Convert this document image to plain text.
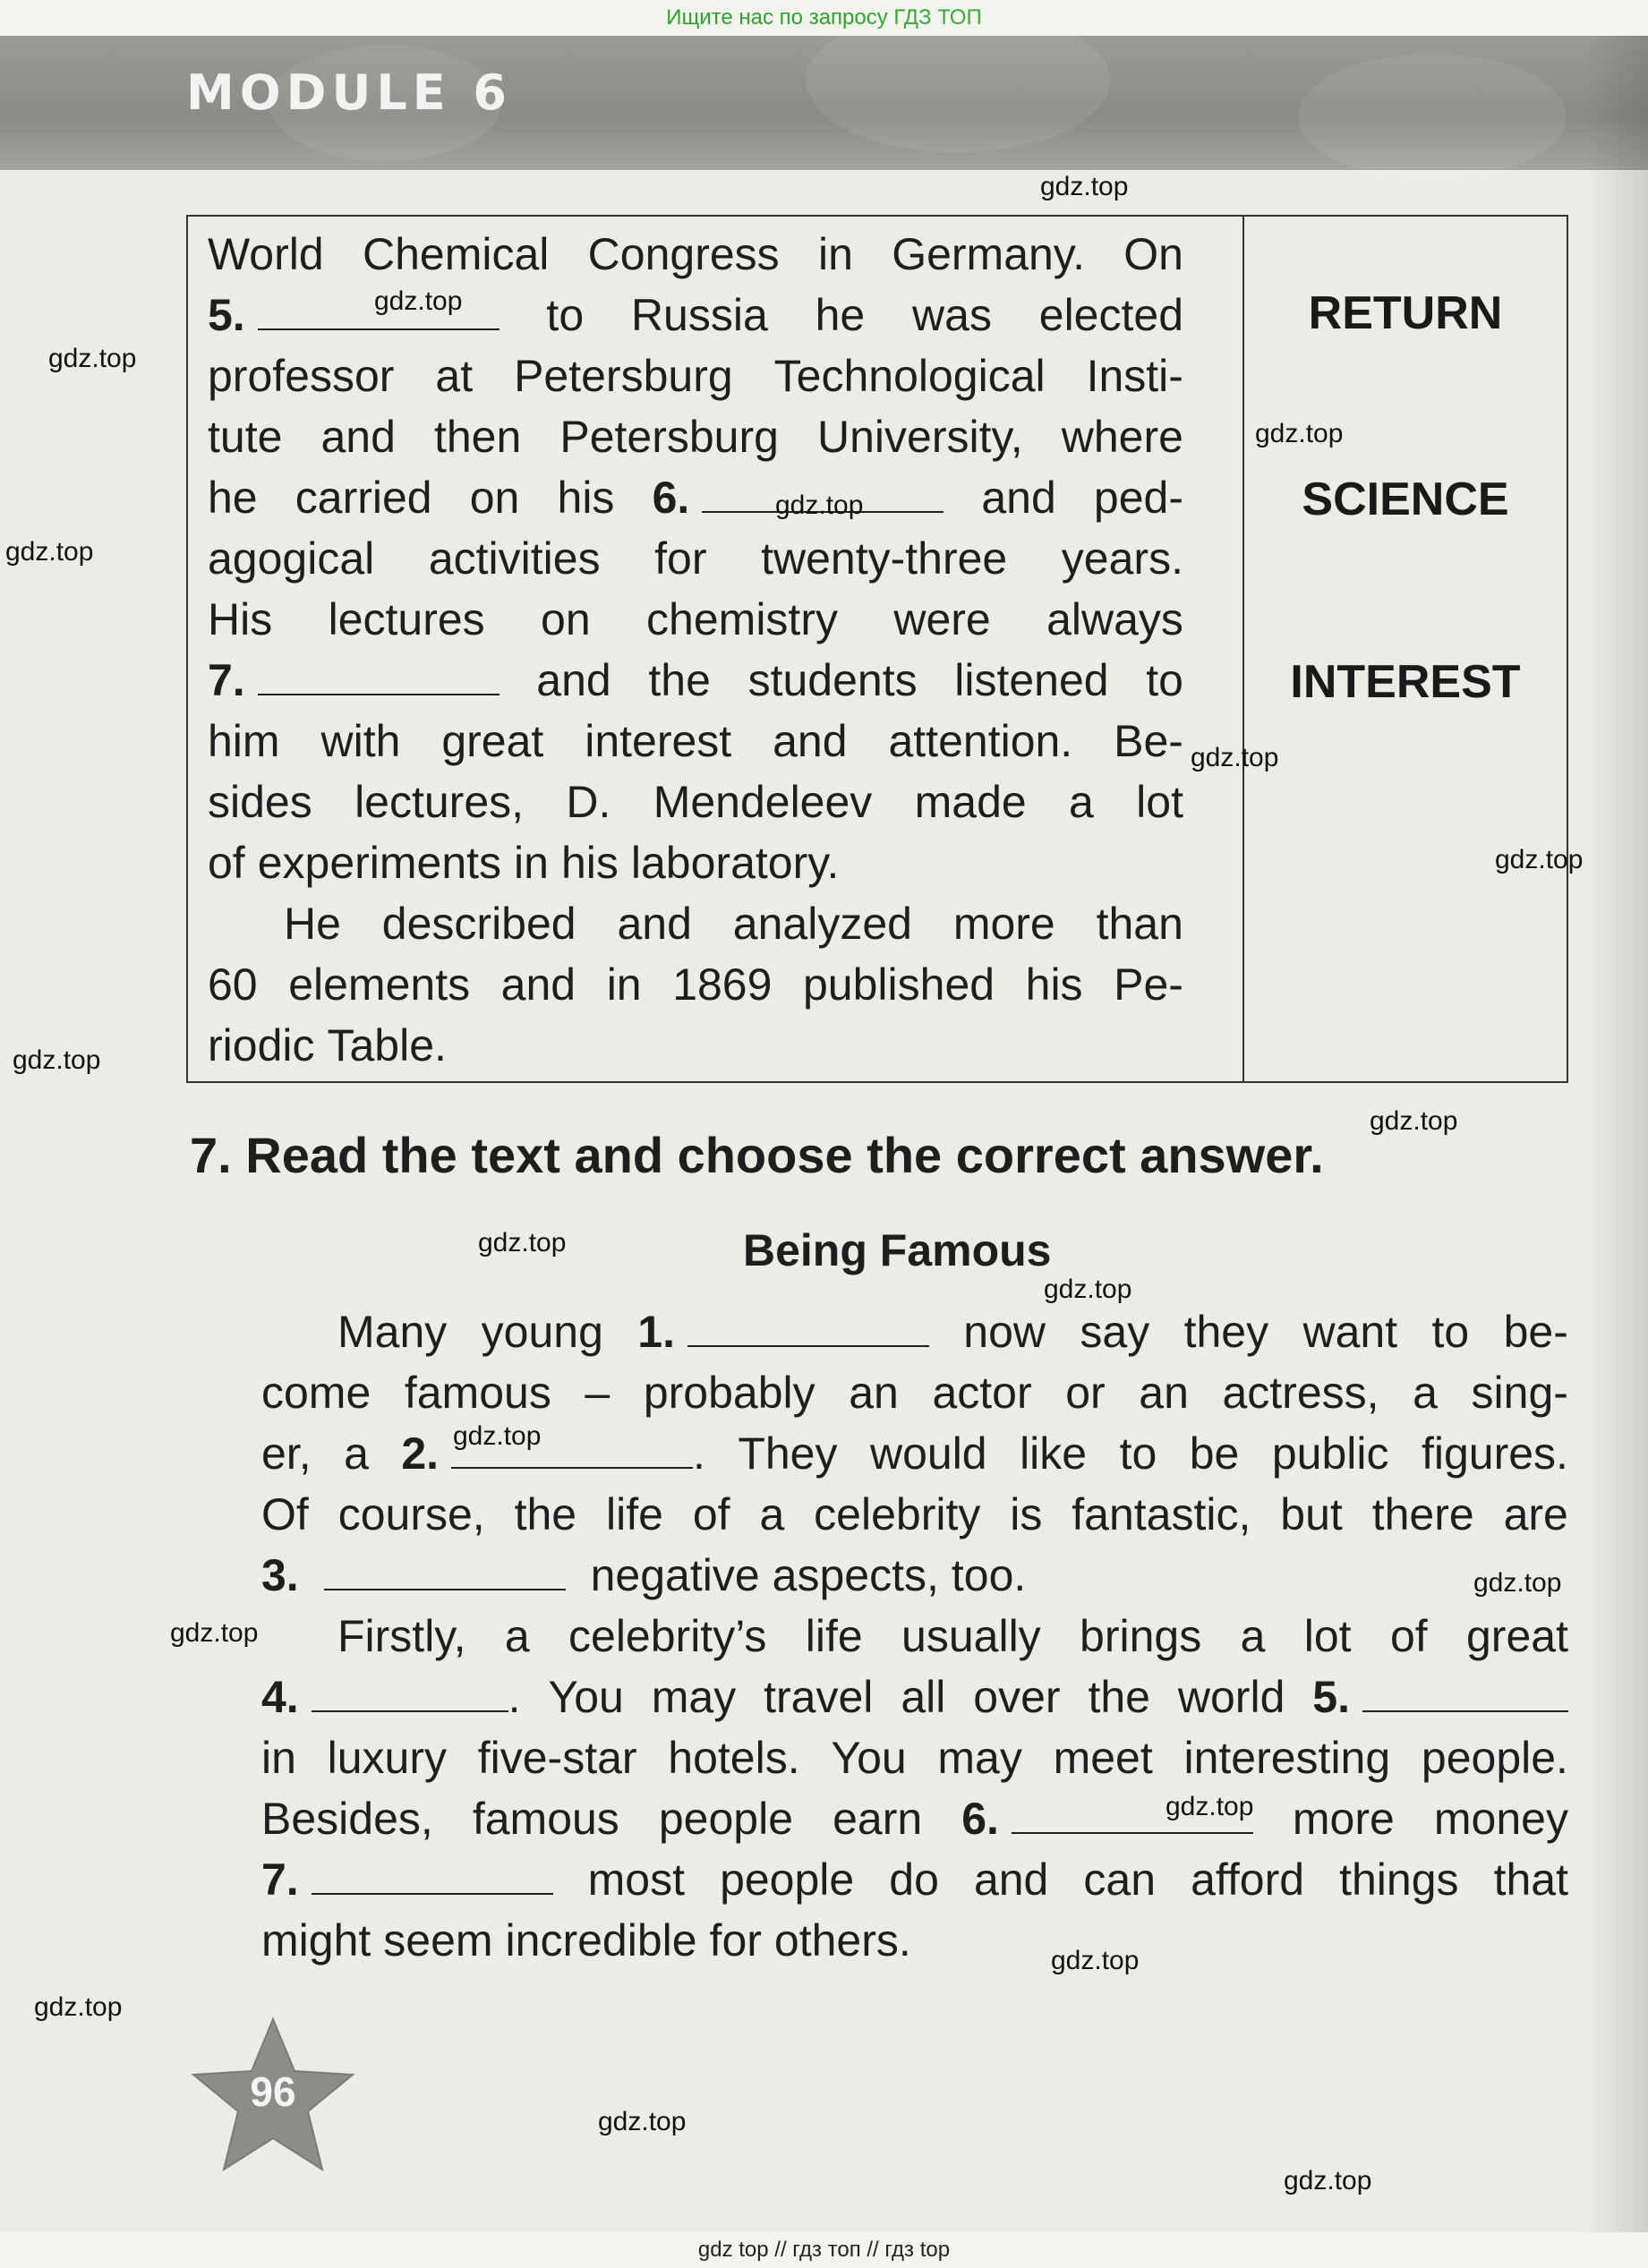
Ищите нас по запросу ГДЗ ТОП
MODULE 6
World Chemical Congress in Germany. On
5.	to Russia he was elected
professor at Petersburg Technological Insti-
tute and then Petersburg University, where
he carried on his 6.	and ped-
agogical activities for twenty-three years.
His lectures on chemistry were always
7.	and the students listened to
him with great interest and attention. Be-
sides lectures, D. Mendeleev made a lot
of experiments in his laboratory.
He described and analyzed more than
60 elements and in 1869 published his Pe-
riodic Table.
RETURN
SCIENCE
INTEREST
7. Read the text and choose the correct answer.
Being Famous
Many young 1.	now say they want to be-
come famous – probably an actor or an actress, a sing-
er, a 2.	. They would like to be public figures.
Of course, the life of a celebrity is fantastic, but there are
3.	negative aspects, too.
Firstly, a celebrity’s life usually brings a lot of great
4.	. You may travel all over the world 5.
in luxury five-star hotels. You may meet interesting people.
Besides, famous people earn 6.	more money
7.	most people do and can afford things that
might seem incredible for others.
gdz.top
gdz.top
gdz.top
gdz.top
gdz.top
gdz.top
gdz.top
gdz.top
gdz.top
gdz.top
gdz.top
gdz.top
gdz.top
gdz.top
gdz.top
gdz.top
gdz.top
gdz.top
gdz.top
gdz.top
96
gdz top // гдз топ // гдз top
